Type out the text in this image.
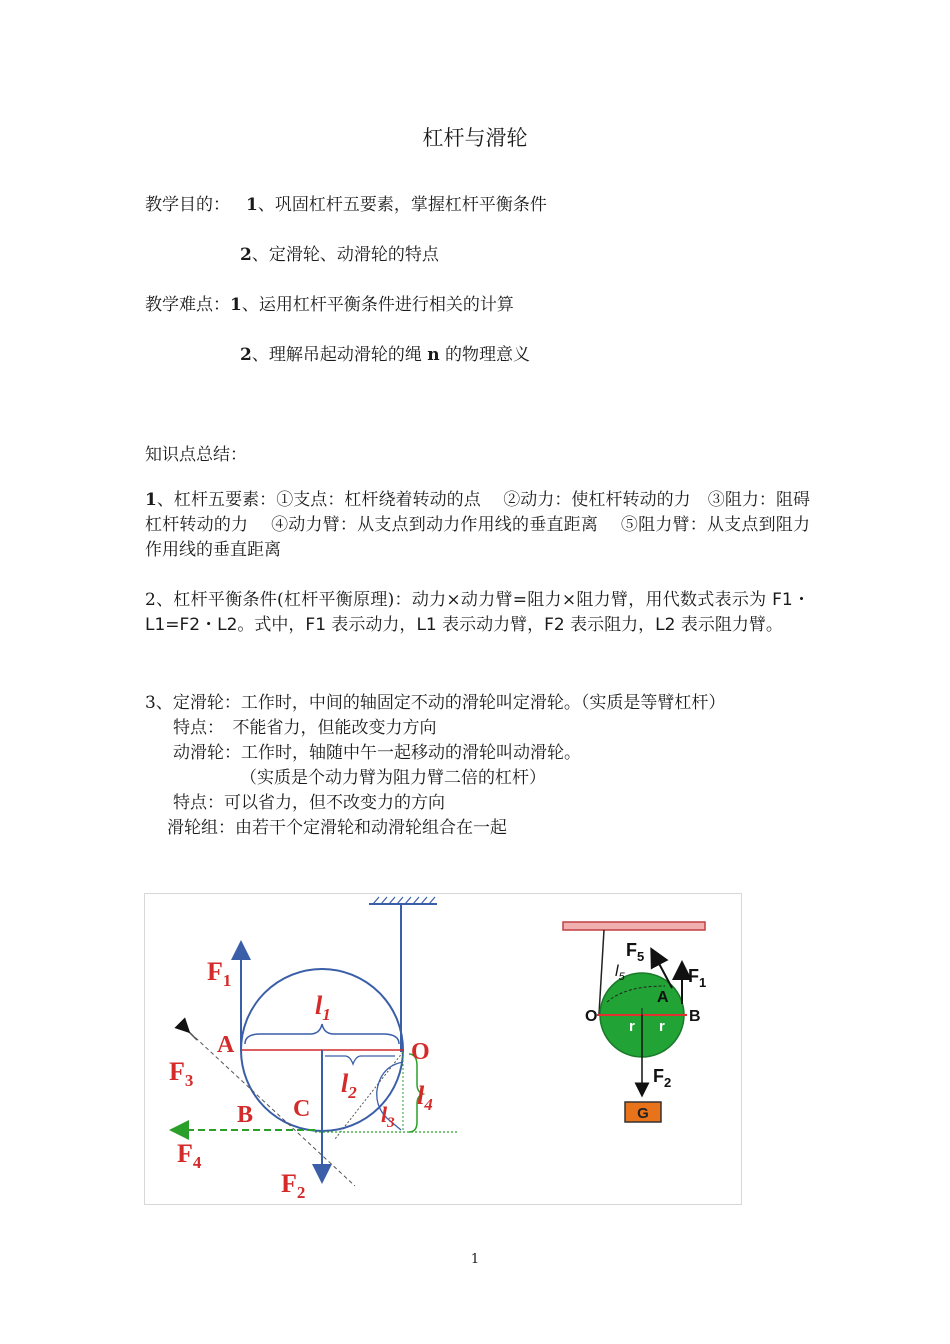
杠杆与滑轮
教学目的： 1、巩固杠杆五要素，掌握杠杆平衡条件
2、定滑轮、动滑轮的特点
教学难点：1、运用杠杆平衡条件进行相关的计算
2、理解吊起动滑轮的绳 n 的物理意义
知识点总结：
1、杠杆五要素：①支点：杠杆绕着转动的点　 ②动力：使杠杆转动的力　③阻力：阻碍杠杆转动的力　 ④动力臂：从支点到动力作用线的垂直距离　 ⑤阻力臂：从支点到阻力作用线的垂直距离
2、杠杆平衡条件(杠杆平衡原理)：动力×动力臂=阻力×阻力臂，用代数式表示为 F1・ L1=F2・L2。式中，F1 表示动力，L1 表示动力臂，F2 表示阻力，L2 表示阻力臂。
3、定滑轮：工作时，中间的轴固定不动的滑轮叫定滑轮。（实质是等臂杠杆）
特点：　不能省力，但能改变力方向
动滑轮：工作时，轴随中午一起移动的滑轮叫动滑轮。
（实质是个动力臂为阻力臂二倍的杠杆）
特点：可以省力，但不改变力的方向
滑轮组：由若干个定滑轮和动滑轮组合在一起
$F_1$
$l_1$
A	O
$F_3$	$l_2$ $l_4$
B C	$l_3$
$F_4$
$F_2$
G
$F_5$
$l_5$	$F_1$
A
O	B
r r
$F_2$
1
